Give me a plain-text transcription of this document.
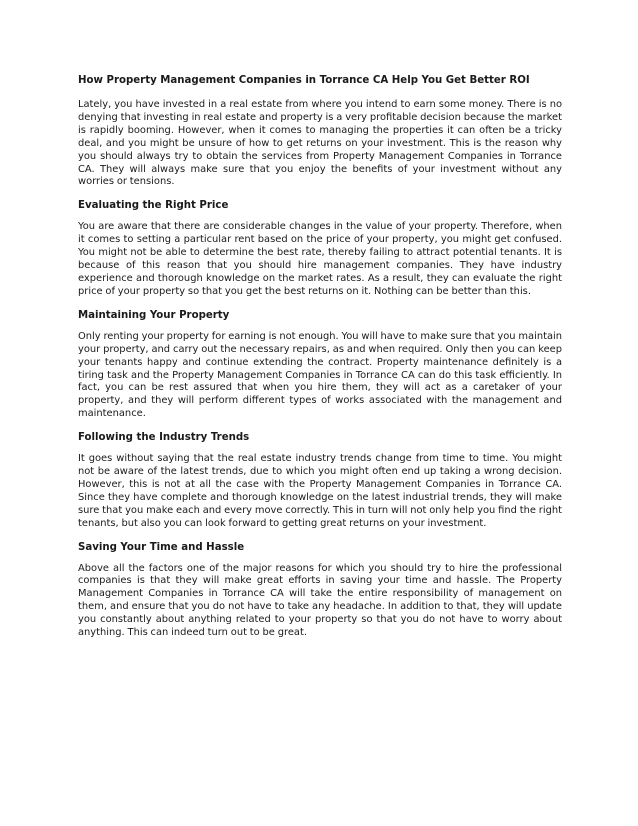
How Property Management Companies in Torrance CA Help You Get Better ROI

Lately, you have invested in a real estate from where you intend to earn some money. There is no denying that investing in real estate and property is a very profitable decision because the market is rapidly booming. However, when it comes to managing the properties it can often be a tricky deal, and you might be unsure of how to get returns on your investment. This is the reason why you should always try to obtain the services from Property Management Companies in Torrance CA. They will always make sure that you enjoy the benefits of your investment without any worries or tensions.

Evaluating the Right Price

You are aware that there are considerable changes in the value of your property. Therefore, when it comes to setting a particular rent based on the price of your property, you might get confused. You might not be able to determine the best rate, thereby failing to attract potential tenants. It is because of this reason that you should hire management companies. They have industry experience and thorough knowledge on the market rates. As a result, they can evaluate the right price of your property so that you get the best returns on it. Nothing can be better than this.

Maintaining Your Property

Only renting your property for earning is not enough. You will have to make sure that you maintain your property, and carry out the necessary repairs, as and when required. Only then you can keep your tenants happy and continue extending the contract. Property maintenance definitely is a tiring task and the Property Management Companies in Torrance CA can do this task efficiently. In fact, you can be rest assured that when you hire them, they will act as a caretaker of your property, and they will perform different types of works associated with the management and maintenance.

Following the Industry Trends

It goes without saying that the real estate industry trends change from time to time. You might not be aware of the latest trends, due to which you might often end up taking a wrong decision. However, this is not at all the case with the Property Management Companies in Torrance CA. Since they have complete and thorough knowledge on the latest industrial trends, they will make sure that you make each and every move correctly. This in turn will not only help you find the right tenants, but also you can look forward to getting great returns on your investment.

Saving Your Time and Hassle

Above all the factors one of the major reasons for which you should try to hire the professional companies is that they will make great efforts in saving your time and hassle. The Property Management Companies in Torrance CA will take the entire responsibility of management on them, and ensure that you do not have to take any headache. In addition to that, they will update you constantly about anything related to your property so that you do not have to worry about anything. This can indeed turn out to be great.
